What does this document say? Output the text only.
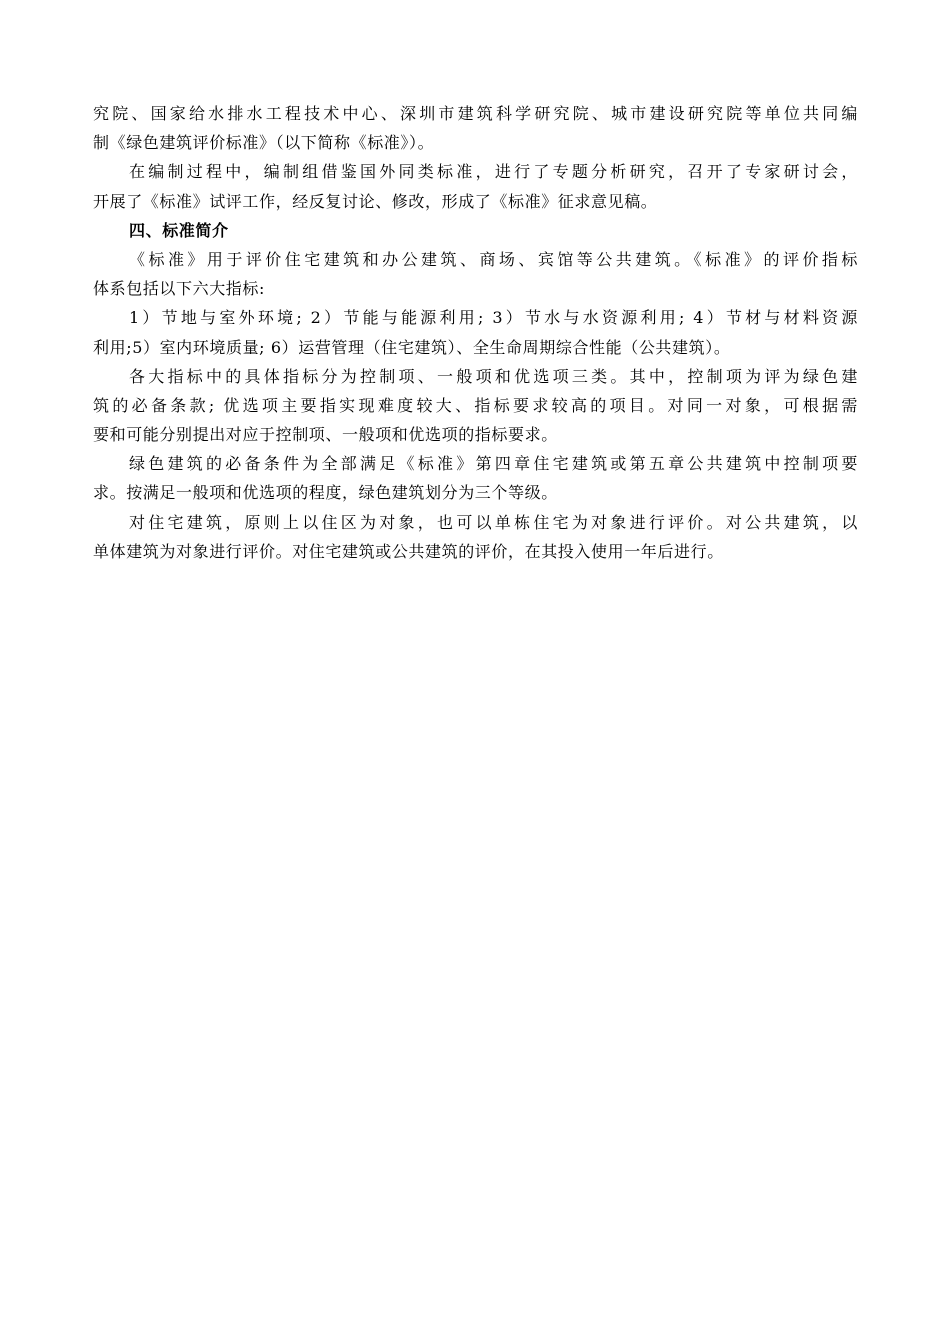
究院、国家给水排水工程技术中心、深圳市建筑科学研究院、城市建设研究院等单位共同编
制《绿色建筑评价标准》（以下简称《标准》）。
在编制过程中，编制组借鉴国外同类标准，进行了专题分析研究，召开了专家研讨会，
开展了《标准》试评工作，经反复讨论、修改，形成了《标准》征求意见稿。
四、标准简介
《标准》用于评价住宅建筑和办公建筑、商场、宾馆等公共建筑。《标准》的评价指标
体系包括以下六大指标:
1）节地与室外环境; 2）节能与能源利用; 3）节水与水资源利用; 4）节材与材料资源
利用;5）室内环境质量; 6）运营管理（住宅建筑）、全生命周期综合性能（公共建筑）。
各大指标中的具体指标分为控制项、一般项和优选项三类。其中，控制项为评为绿色建
筑的必备条款; 优选项主要指实现难度较大、指标要求较高的项目。对同一对象，可根据需
要和可能分别提出对应于控制项、一般项和优选项的指标要求。
绿色建筑的必备条件为全部满足《标准》第四章住宅建筑或第五章公共建筑中控制项要
求。按满足一般项和优选项的程度，绿色建筑划分为三个等级。
对住宅建筑，原则上以住区为对象，也可以单栋住宅为对象进行评价。对公共建筑，以
单体建筑为对象进行评价。对住宅建筑或公共建筑的评价，在其投入使用一年后进行。
